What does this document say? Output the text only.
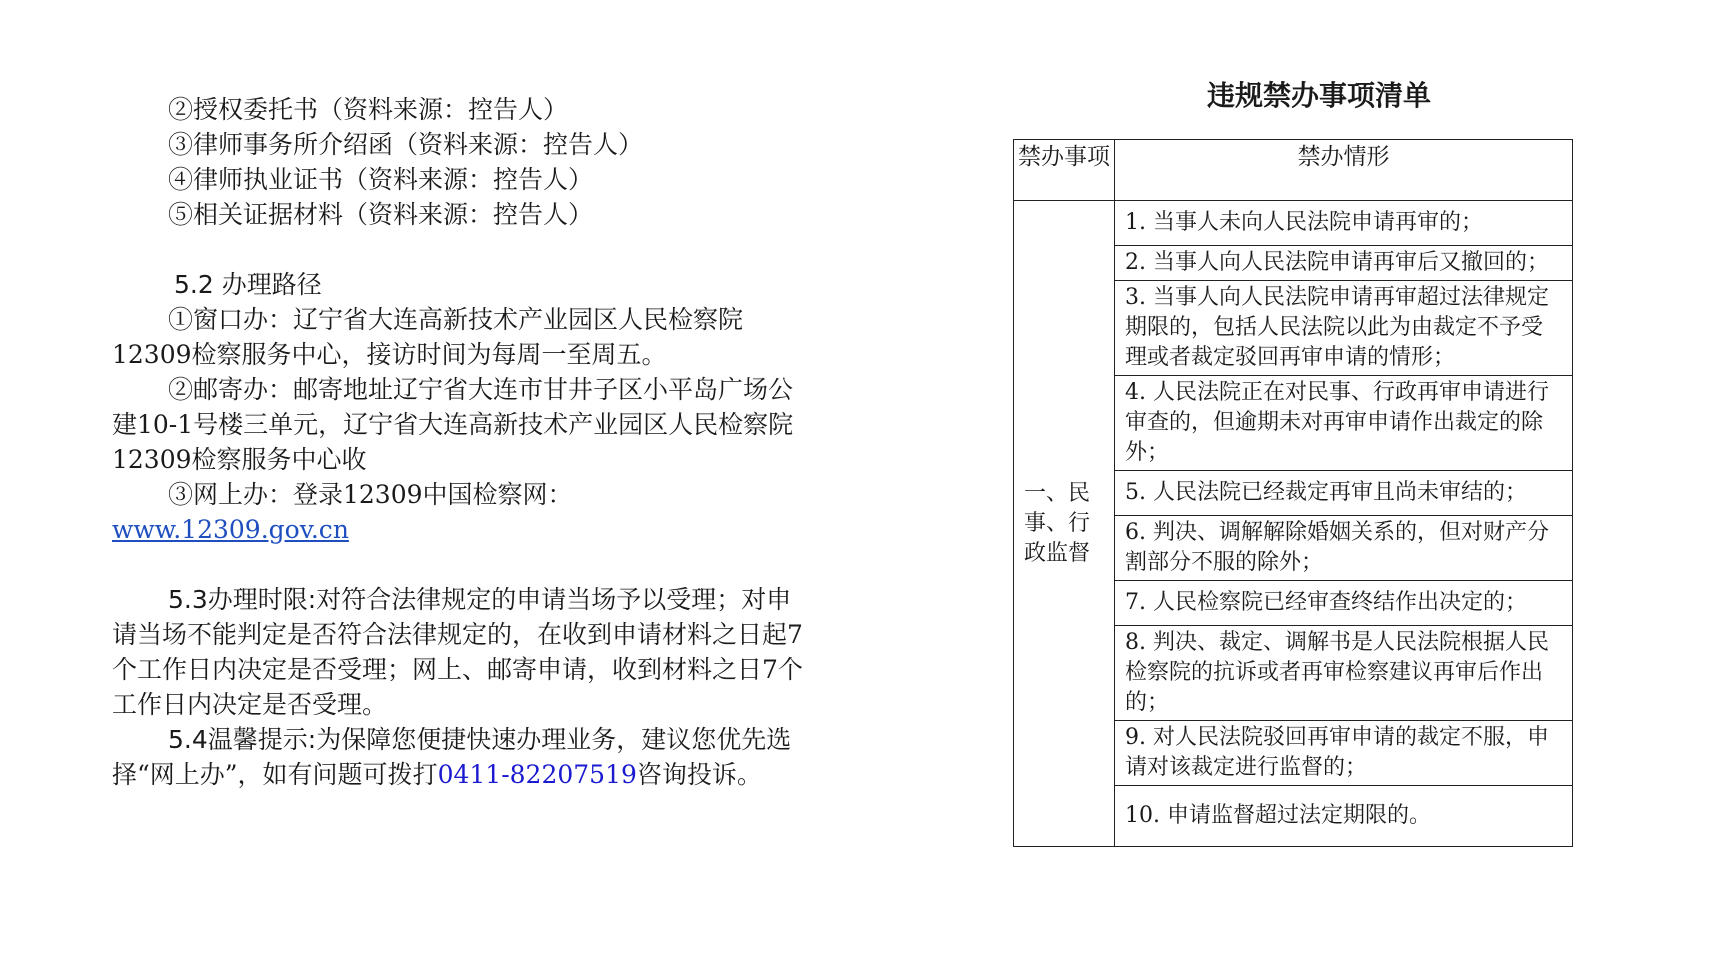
②授权委托书（资料来源：控告人）

③律师事务所介绍函（资料来源：控告人）

④律师执业证书（资料来源：控告人）

⑤相关证据材料（资料来源：控告人）

5.2 办理路径

①窗口办：辽宁省大连高新技术产业园区人民检察院12309检察服务中心，接访时间为每周一至周五。

②邮寄办：邮寄地址辽宁省大连市甘井子区小平岛广场公建10-1号楼三单元，辽宁省大连高新技术产业园区人民检察院12309检察服务中心收

③网上办：登录12309中国检察网：

www.12309.gov.cn

5.3办理时限:对符合法律规定的申请当场予以受理；对申请当场不能判定是否符合法律规定的，在收到申请材料之日起7个工作日内决定是否受理；网上、邮寄申请，收到材料之日7个工作日内决定是否受理。

5.4温馨提示:为保障您便捷快速办理业务，建议您优先选择“网上办”，如有问题可拨打0411-82207519咨询投诉。

违规禁办事项清单
禁办事项	禁办情形
一、民事、行政监督	1. 当事人未向人民法院申请再审的；
	2. 当事人向人民法院申请再审后又撤回的；
	3. 当事人向人民法院申请再审超过法律规定期限的，包括人民法院以此为由裁定不予受理或者裁定驳回再审申请的情形；
	4. 人民法院正在对民事、行政再审申请进行审查的，但逾期未对再审申请作出裁定的除外；
	5. 人民法院已经裁定再审且尚未审结的；
	6. 判决、调解解除婚姻关系的，但对财产分割部分不服的除外；
	7. 人民检察院已经审查终结作出决定的；
	8. 判决、裁定、调解书是人民法院根据人民检察院的抗诉或者再审检察建议再审后作出的；
	9. 对人民法院驳回再审申请的裁定不服，申请对该裁定进行监督的；
	10. 申请监督超过法定期限的。
